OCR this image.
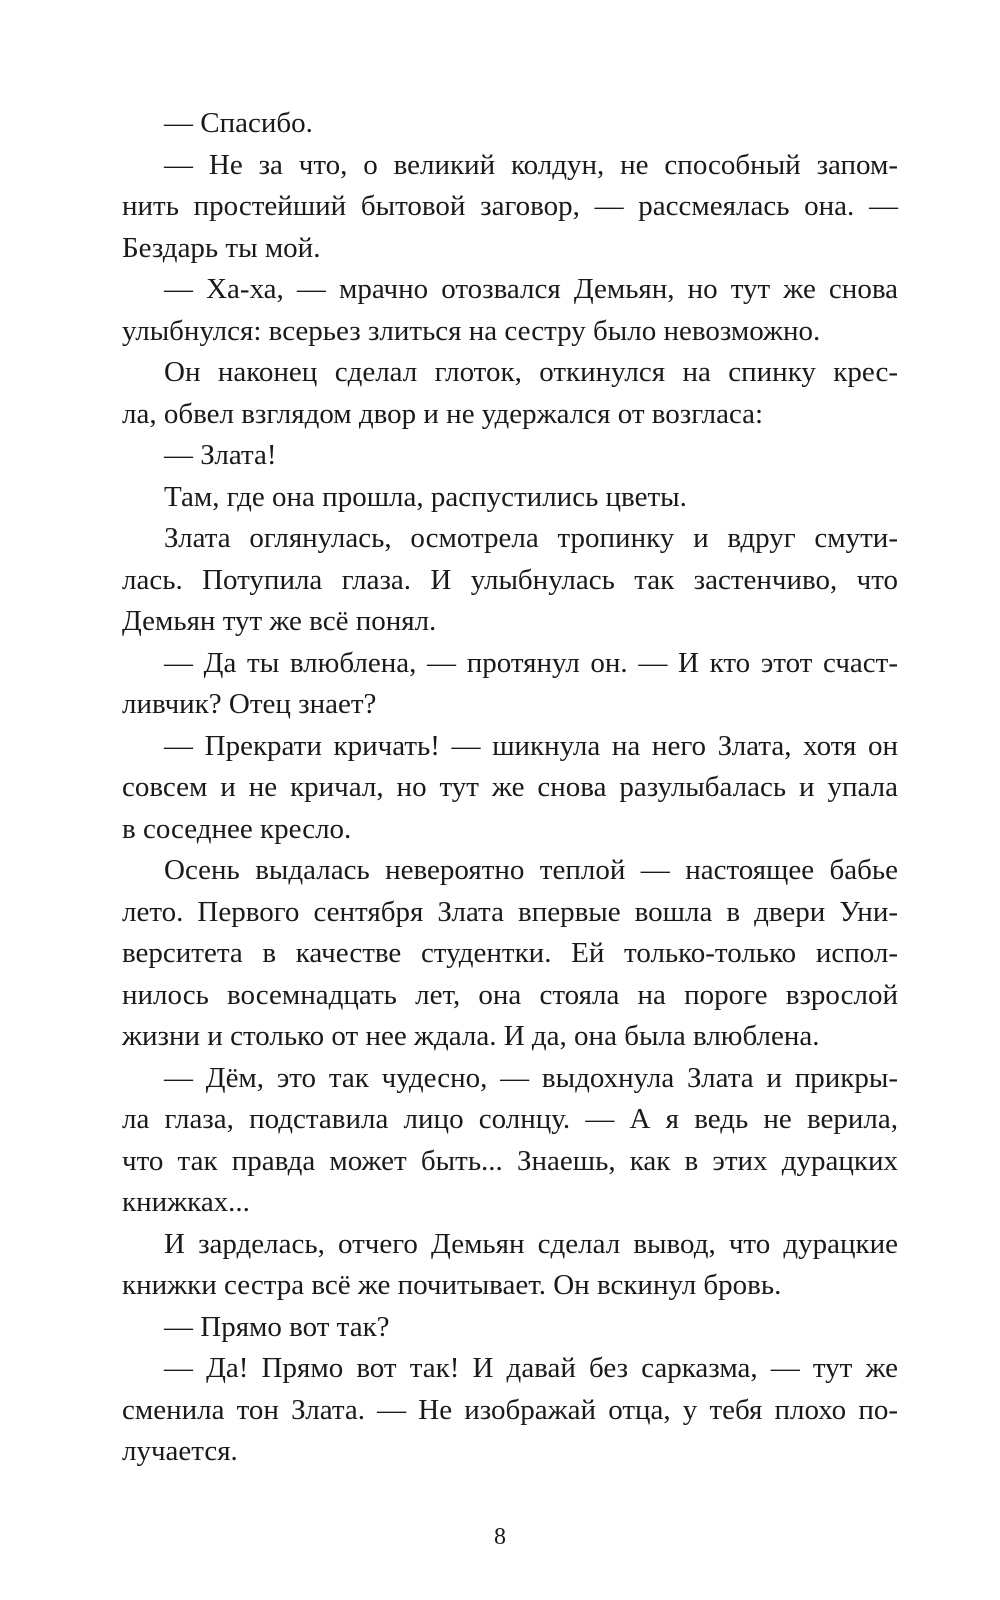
— Спасибо.
— Не за что, о великий колдун, не способный запом-
нить простейший бытовой заговор, — рассмеялась она. —
Бездарь ты мой.
— Ха-ха, — мрачно отозвался Демьян, но тут же снова
улыбнулся: всерьез злиться на сестру было невозможно.
Он наконец сделал глоток, откинулся на спинку крес-
ла, обвел взглядом двор и не удержался от возгласа:
— Злата!
Там, где она прошла, распустились цветы.
Злата оглянулась, осмотрела тропинку и вдруг смути-
лась. Потупила глаза. И улыбнулась так застенчиво, что
Демьян тут же всё понял.
— Да ты влюблена, — протянул он. — И кто этот счаст-
ливчик? Отец знает?
— Прекрати кричать! — шикнула на него Злата, хотя он
совсем и не кричал, но тут же снова разулыбалась и упала
в соседнее кресло.
Осень выдалась невероятно теплой — настоящее бабье
лето. Первого сентября Злата впервые вошла в двери Уни-
верситета в качестве студентки. Ей только-только испол-
нилось восемнадцать лет, она стояла на пороге взрослой
жизни и столько от нее ждала. И да, она была влюблена.
— Дём, это так чудесно, — выдохнула Злата и прикры-
ла глаза, подставила лицо солнцу. — А я ведь не верила,
что так правда может быть... Знаешь, как в этих дурацких
книжках...
И зарделась, отчего Демьян сделал вывод, что дурацкие
книжки сестра всё же почитывает. Он вскинул бровь.
— Прямо вот так?
— Да! Прямо вот так! И давай без сарказма, — тут же
сменила тон Злата. — Не изображай отца, у тебя плохо по-
лучается.
8
